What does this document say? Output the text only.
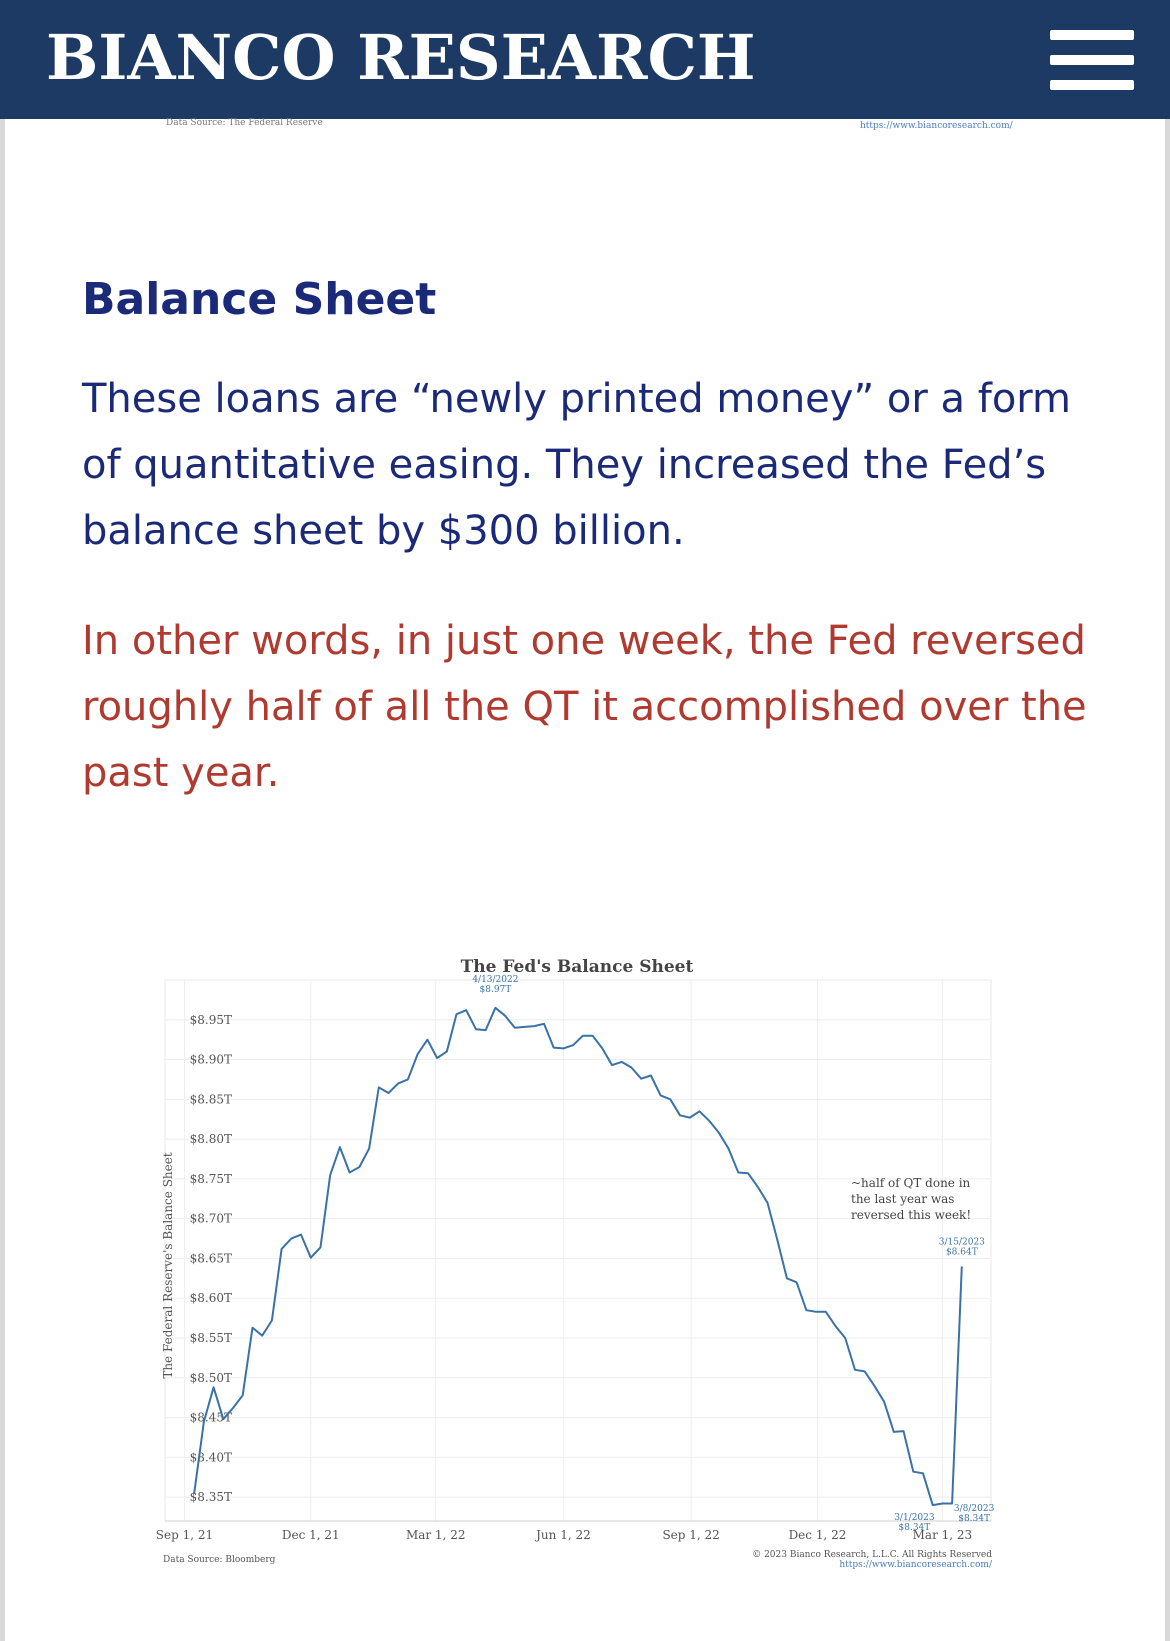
BIANCO RESEARCH
Data Source: The Federal Reserve	https://www.biancoresearch.com/
Balance Sheet

These loans are “newly printed money” or a form of quantitative easing. They increased the Fed’s balance sheet by $300 billion.

In other words, in just one week, the Fed reversed roughly half of all the QT it accomplished over the past year.

$8.35T
$8.40T
$8.45T
$8.50T
$8.55T
$8.60T
$8.65T
$8.70T
$8.75T
$8.80T
$8.85T
$8.90T
$8.95T
Sep 1, 21	Dec 1, 21	Mar 1, 22	Jun 1, 22	Sep 1, 22	Dec 1, 22	Mar 1, 23
The Fed's Balance Sheet
The Federal Reserve's Balance Sheet
4/13/2022
$8.97T
3/15/2023
$8.64T
3/1/2023
$8.34T
3/8/2023
$8.34T
~half of QT done in
the last year was
reversed this week!
Data Source: Bloomberg	© 2023 Bianco Research, L.L.C. All Rights Reserved
https://www.biancoresearch.com/
